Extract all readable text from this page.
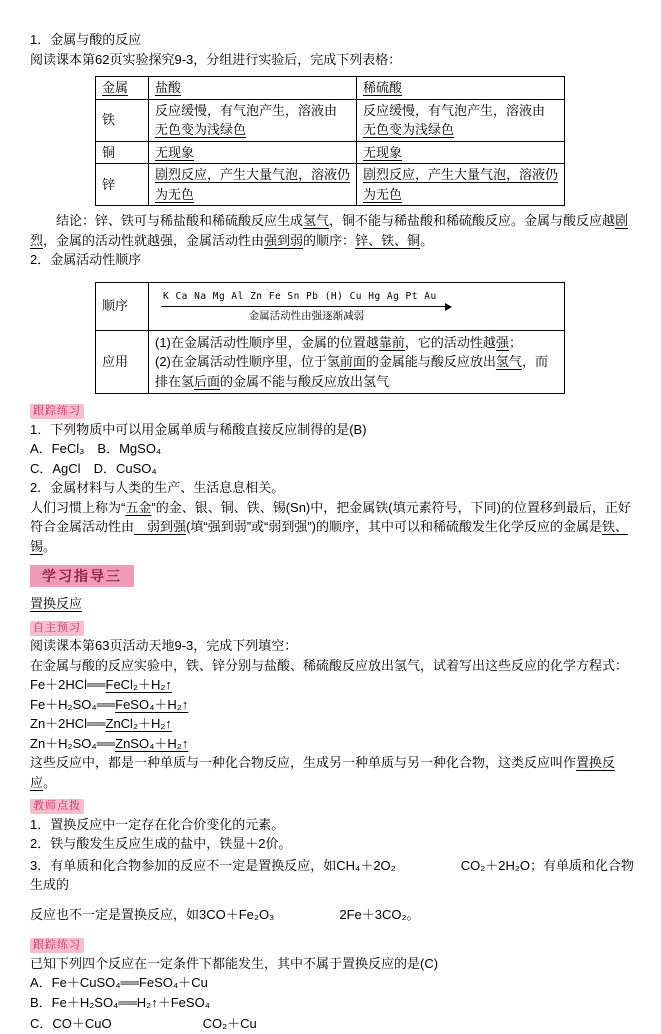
1．金属与酸的反应

阅读课本第62页实验探究9-3，分组进行实验后，完成下列表格：

金属	盐酸	稀硫酸
铁	反应缓慢，有气泡产生，溶液由无色变为浅绿色	反应缓慢，有气泡产生，溶液由无色变为浅绿色
铜	无现象	无现象
锌	剧烈反应，产生大量气泡，溶液仍为无色	剧烈反应，产生大量气泡，溶液仍为无色

结论：锌、铁可与稀盐酸和稀硫酸反应生成氢气，铜不能与稀盐酸和稀硫酸反应。金属与酸反应越剧烈，金属的活动性就越强，金属活动性由强到弱的顺序：锌、铁、铜。

2．金属活动性顺序

顺序	K Ca Na Mg Al Zn Fe Sn Pb (H) Cu Hg Ag Pt Au
金属活动性由强逐渐减弱

应用	(1)在金属活动性顺序里，金属的位置越靠前，它的活动性越强；

(2)在金属活动性顺序里，位于氢前面的金属能与酸反应放出氢气，而排在氢后面的金属不能与酸反应放出氢气

跟踪练习

1．下列物质中可以用金属单质与稀酸直接反应制得的是(B)

A．FeCl₃　B．MgSO₄

C．AgCl　D．CuSO₄

2．金属材料与人类的生产、生活息息相关。

人们习惯上称为“五金”的金、银、铜、铁、锡(Sn)中，把金属铁(填元素符号，下同)的位置移到最后，正好符合金属活动性由　弱到强(填“强到弱”或“弱到强”)的顺序，其中可以和稀硫酸发生化学反应的金属是铁、锡。

学习指导三

置换反应

自主预习

阅读课本第63页活动天地9-3，完成下列填空：

在金属与酸的反应实验中，铁、锌分别与盐酸、稀硫酸反应放出氢气，试着写出这些反应的化学方程式：

Fe＋2HCl══FeCl₂＋H₂↑

Fe＋H₂SO₄══FeSO₄＋H₂↑

Zn＋2HCl══ZnCl₂＋H₂↑

Zn＋H₂SO₄══ZnSO₄＋H₂↑

这些反应中，都是一种单质与一种化合物反应，生成另一种单质与另一种化合物，这类反应叫作置换反应。

教师点拨

1．置换反应中一定存在化合价变化的元素。

2．铁与酸发生反应生成的盐中，铁显＋2价。

3．有单质和化合物参加的反应不一定是置换反应，如CH₄＋2O₂　　　　　CO₂＋2H₂O；有单质和化合物生成的

反应也不一定是置换反应，如3CO＋Fe₂O₃　　　　　2Fe＋3CO₂。

跟踪练习

已知下列四个反应在一定条件下都能发生，其中不属于置换反应的是(C)

A．Fe＋CuSO₄══FeSO₄＋Cu

B．Fe＋H₂SO₄══H₂↑＋FeSO₄

C．CO＋CuO　　　　　　　CO₂＋Cu
